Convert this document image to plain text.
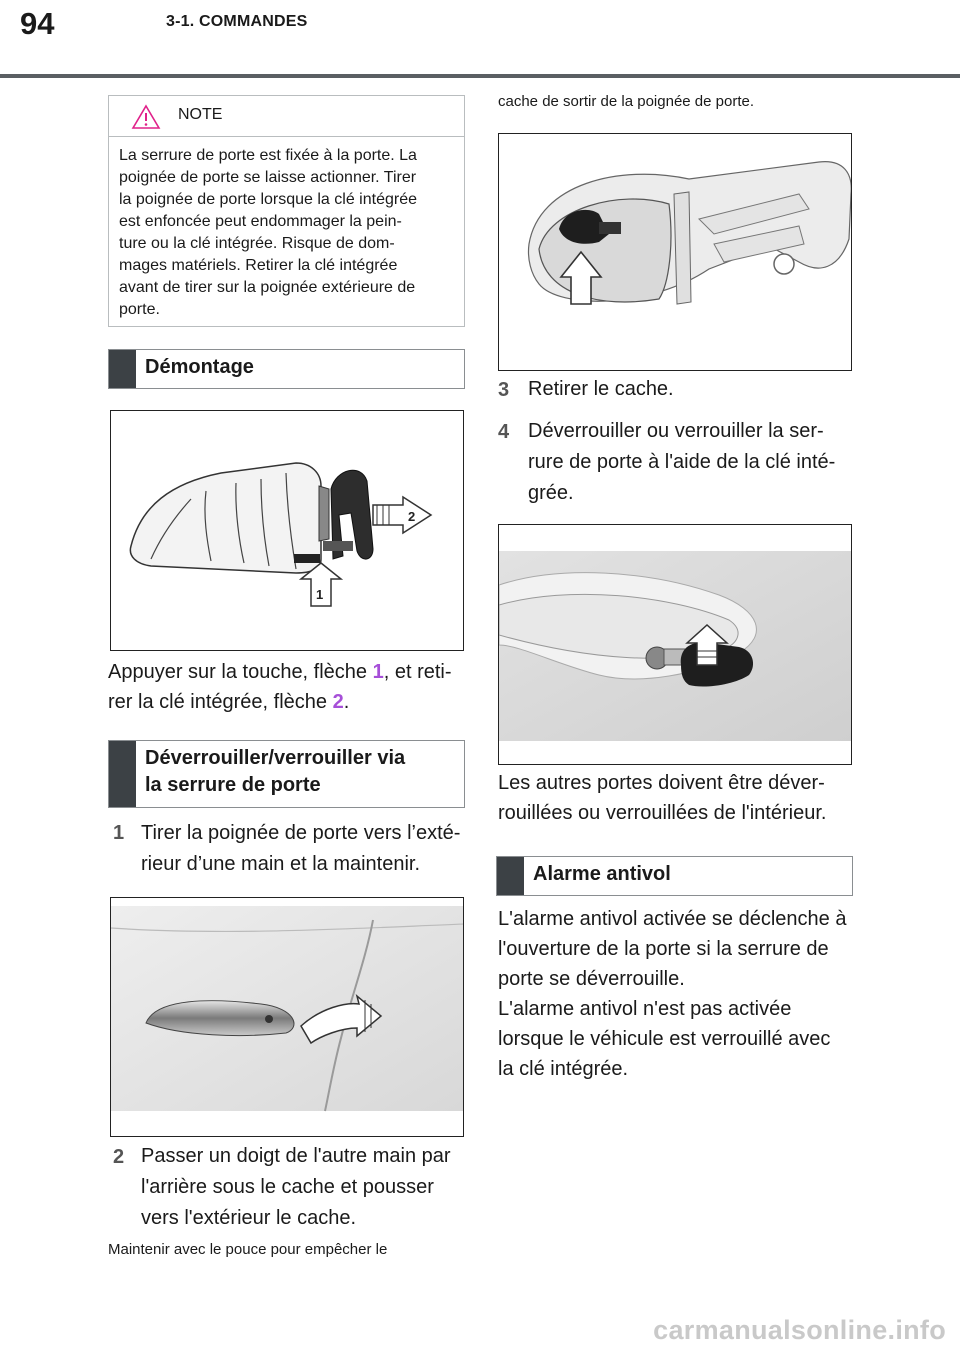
94	3-1. COMMANDES
NOTE
La serrure de porte est fixée à la porte. La
poignée de porte se laisse actionner. Tirer
la poignée de porte lorsque la clé intégrée
est enfoncée peut endommager la pein-
ture ou la clé intégrée. Risque de dom-
mages matériels. Retirer la clé intégrée
avant de tirer sur la poignée extérieure de
porte.
Démontage
2
1
Appuyer sur la touche, flèche 1, et reti-
rer la clé intégrée, flèche 2.
Déverrouiller/verrouiller via
la serrure de porte
1 Tirer la poignée de porte vers l’exté-
rieur d’une main et la maintenir.
2 Passer un doigt de l'autre main par
l'arrière sous le cache et pousser
vers l'extérieur le cache.
Maintenir avec le pouce pour empêcher le
cache de sortir de la poignée de porte.
3 Retirer le cache.
4 Déverrouiller ou verrouiller la ser-
rure de porte à l'aide de la clé inté-
grée.
Les autres portes doivent être déver-
rouillées ou verrouillées de l'intérieur.
Alarme antivol
L'alarme antivol activée se déclenche à
l'ouverture de la porte si la serrure de
porte se déverrouille.
L'alarme antivol n'est pas activée
lorsque le véhicule est verrouillé avec
la clé intégrée.
carmanualsonline.info
